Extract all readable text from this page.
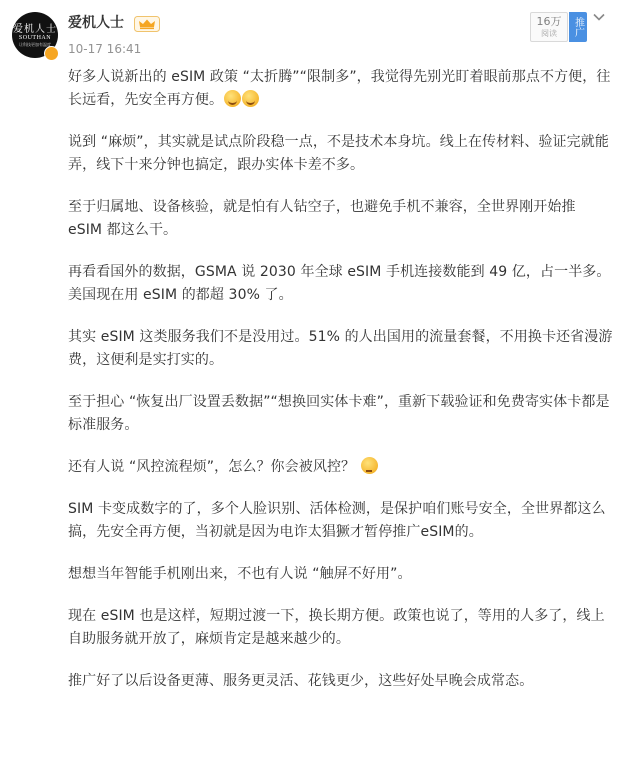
爱机人士
SOUTHAN
让科技更加有温度
爱机人士
10-17 16:41
16万
阅读	推广

好多人说新出的 eSIM 政策 “太折腾”“限制多”，我觉得先别光盯着眼前那点不方便，往长远看，先安全再方便。

说到 “麻烦”，其实就是试点阶段稳一点，不是技术本身坑。线上在传材料、验证完就能弄，线下十来分钟也搞定，跟办实体卡差不多。

至于归属地、设备核验，就是怕有人钻空子，也避免手机不兼容，全世界刚开始推 eSIM 都这么干。

再看看国外的数据，GSMA 说 2030 年全球 eSIM 手机连接数能到 49 亿，占一半多。美国现在用 eSIM 的都超 30% 了。

其实 eSIM 这类服务我们不是没用过。51% 的人出国用的流量套餐，不用换卡还省漫游费，这便利是实打实的。

至于担心 “恢复出厂设置丢数据”“想换回实体卡难”，重新下载验证和免费寄实体卡都是标准服务。

还有人说 “风控流程烦”，怎么？你会被风控？

SIM 卡变成数字的了，多个人脸识别、活体检测，是保护咱们账号安全，全世界都这么搞，先安全再方便，当初就是因为电诈太猖獗才暂停推广eSIM的。

想想当年智能手机刚出来，不也有人说 “触屏不好用”。

现在 eSIM 也是这样，短期过渡一下，换长期方便。政策也说了，等用的人多了，线上自助服务就开放了，麻烦肯定是越来越少的。

推广好了以后设备更薄、服务更灵活、花钱更少，这些好处早晚会成常态。
